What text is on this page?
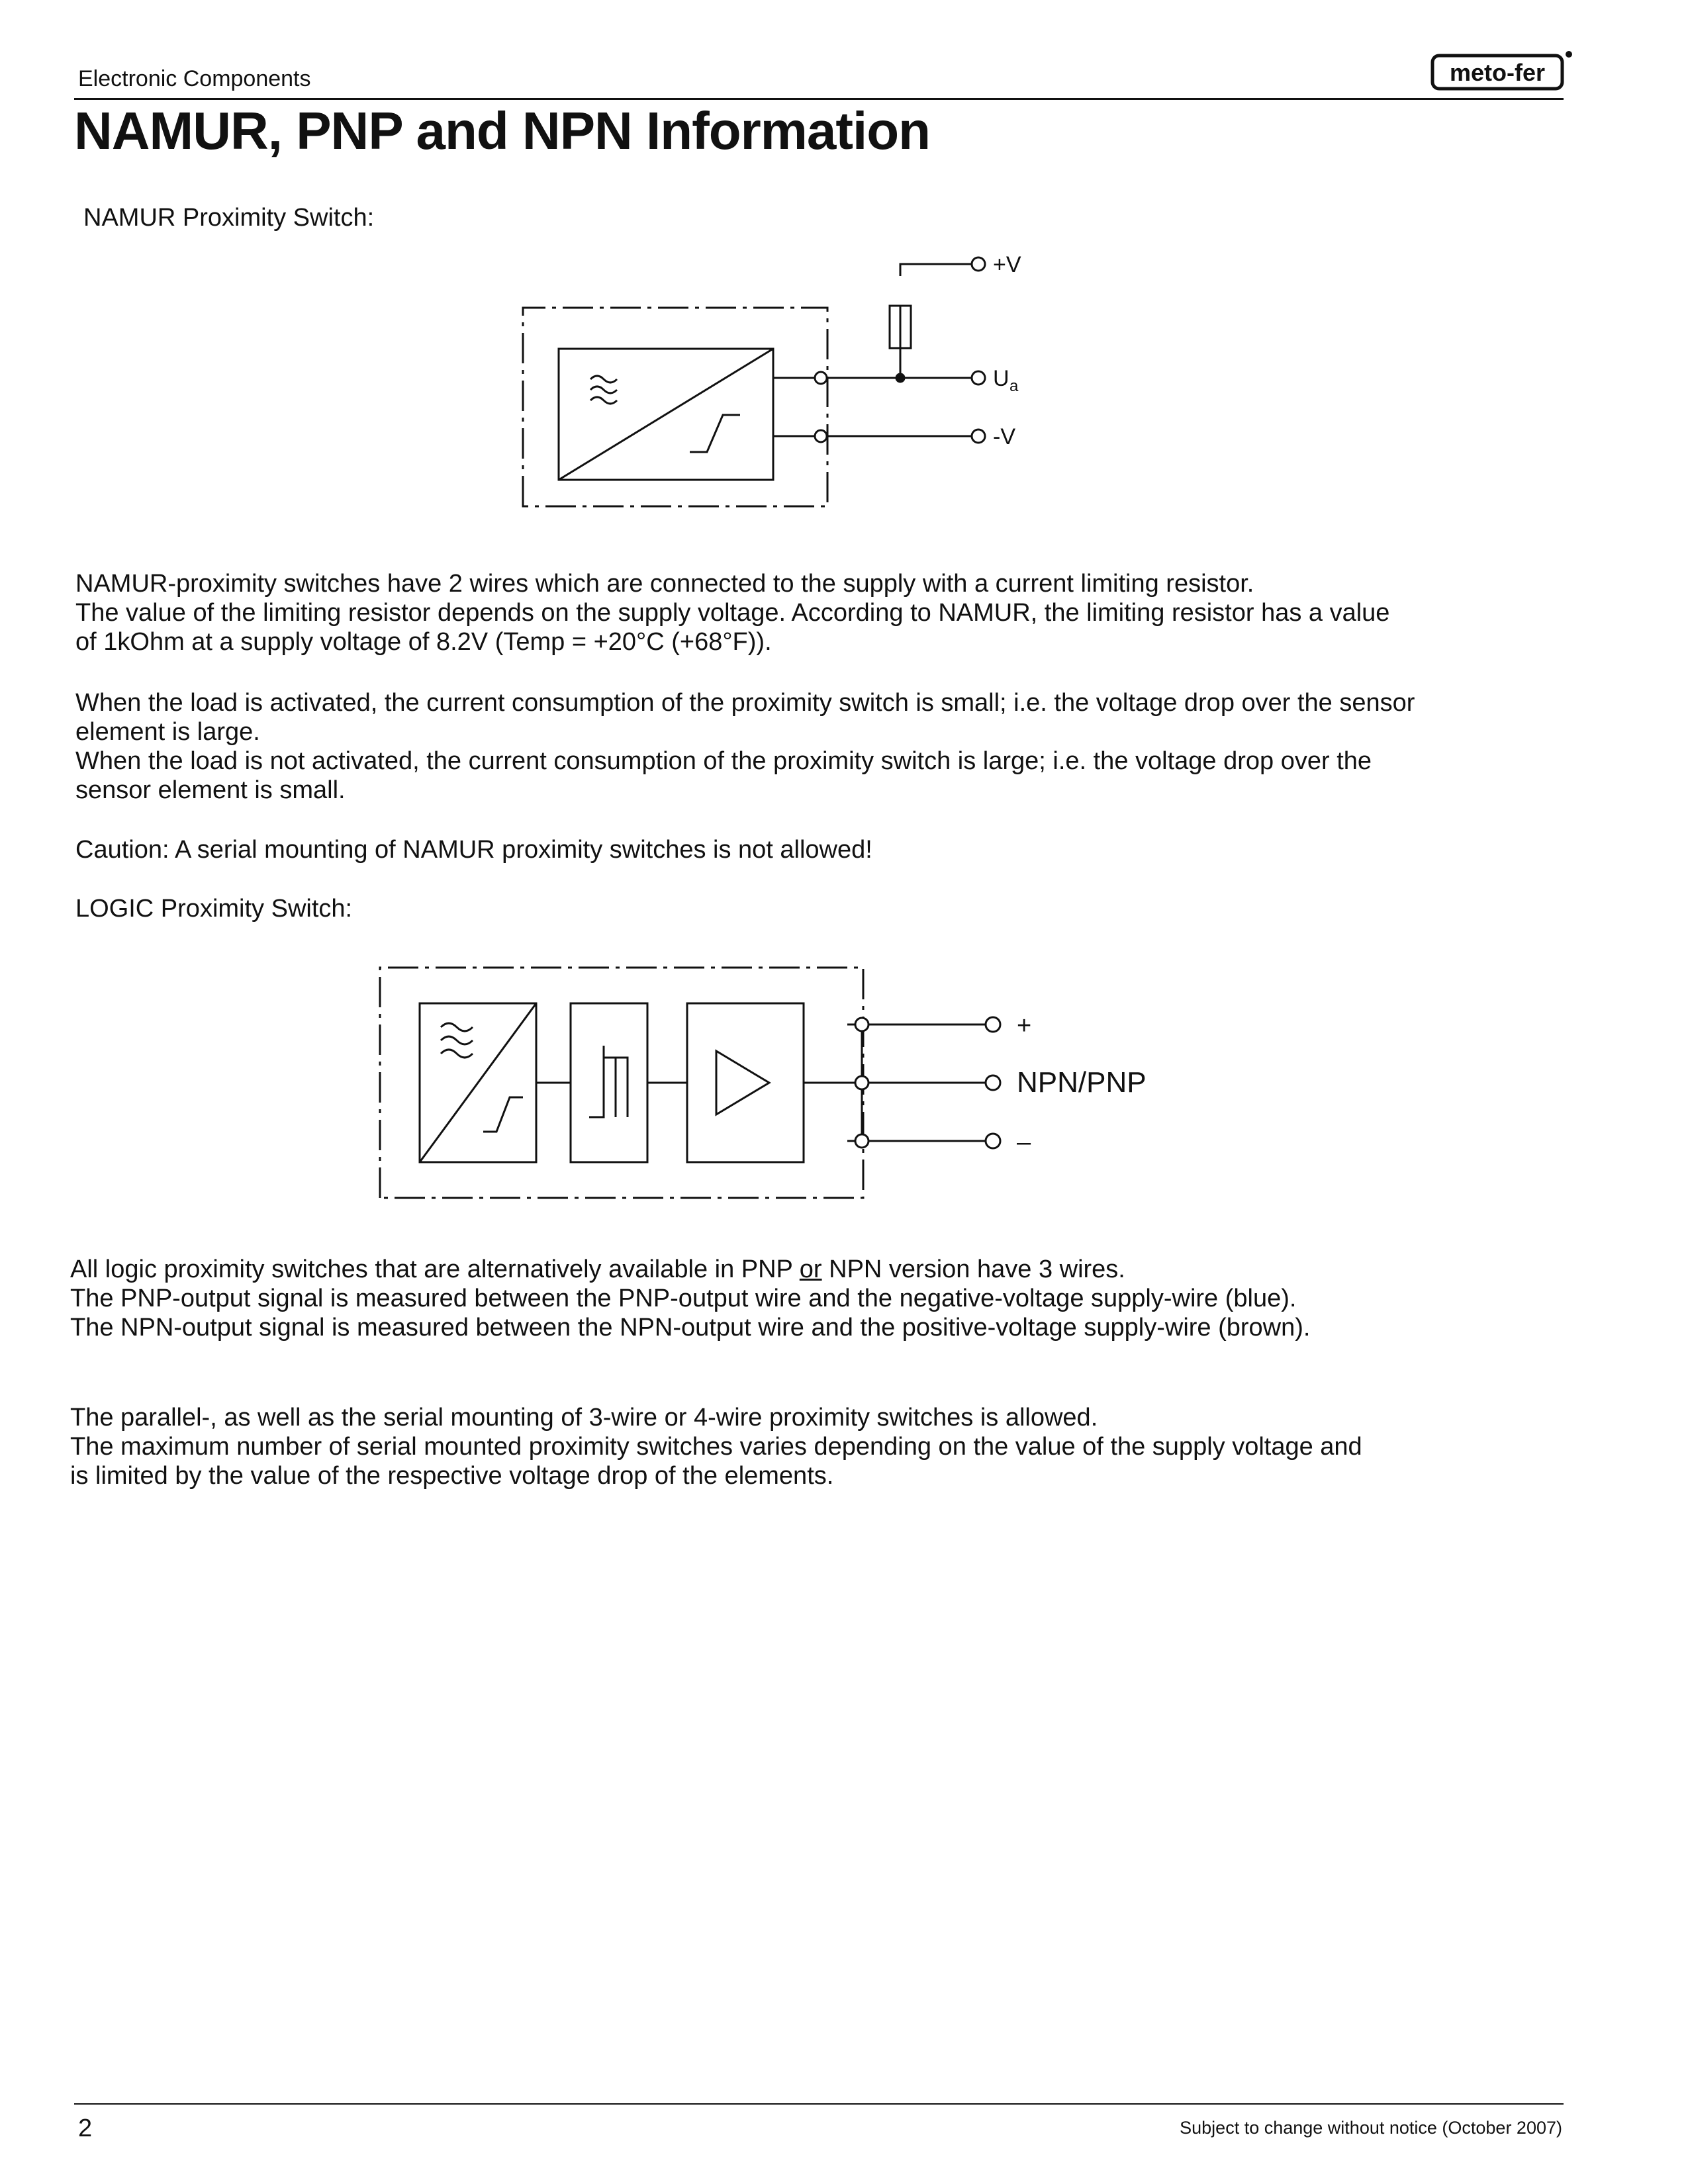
Electronic Components	meto-fer
NAMUR, PNP and NPN Information
NAMUR Proximity Switch:
+V
U a
-V
NAMUR-proximity switches have 2 wires which are connected to the supply with a current limiting resistor.
The value of the limiting resistor depends on the supply voltage. According to NAMUR, the limiting resistor has a value
of 1kOhm at a supply voltage of 8.2V (Temp = +20°C (+68°F)).
When the load is activated, the current consumption of the proximity switch is small; i.e. the voltage drop over the sensor
element is large.
When the load is not activated, the current consumption of the proximity switch is large; i.e. the voltage drop over the
sensor element is small.
Caution: A serial mounting of NAMUR proximity switches is not allowed!
LOGIC Proximity Switch:
+
NPN/PNP
–
All logic proximity switches that are alternatively available in PNP or NPN version have 3 wires.
The PNP-output signal is measured between the PNP-output wire and the negative-voltage supply-wire (blue).
The NPN-output signal is measured between the NPN-output wire and the positive-voltage supply-wire (brown).
The parallel-, as well as the serial mounting of 3-wire or 4-wire proximity switches is allowed.
The maximum number of serial mounted proximity switches varies depending on the value of the supply voltage and
is limited by the value of the respective voltage drop of the elements.
2	Subject to change without notice (October 2007)
